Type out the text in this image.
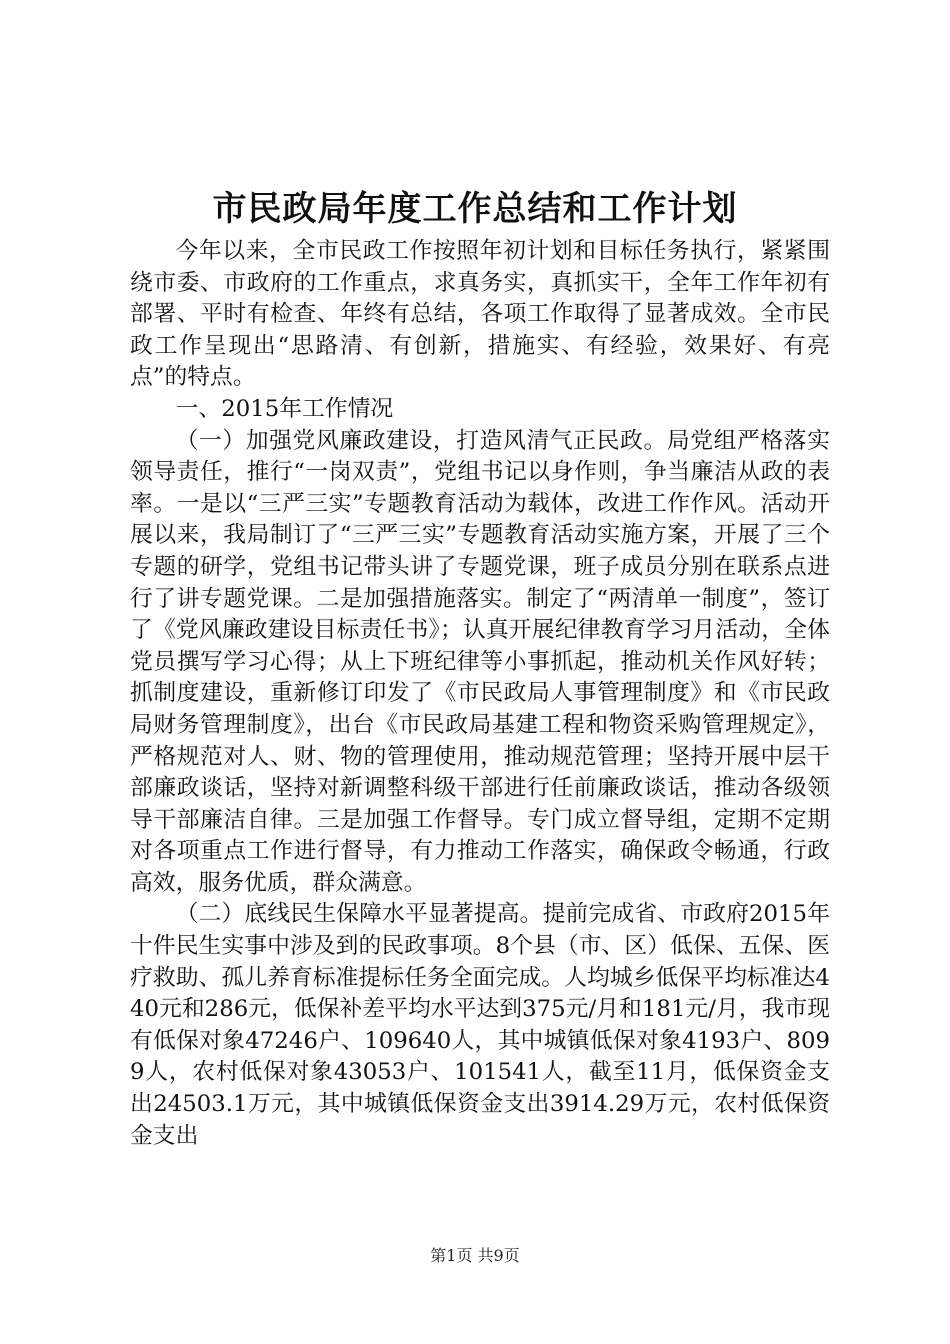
市民政局年度工作总结和工作计划

今年以来，全市民政工作按照年初计划和目标任务执行，紧紧围绕市委、市政府的工作重点，求真务实，真抓实干，全年工作年初有部署、平时有检查、年终有总结，各项工作取得了显著成效。全市民政工作呈现出“思路清、有创新，措施实、有经验，效果好、有亮点”的特点。

一、2015年工作情况

（一）加强党风廉政建设，打造风清气正民政。局党组严格落实领导责任，推行“一岗双责”，党组书记以身作则，争当廉洁从政的表率。一是以“三严三实”专题教育活动为载体，改进工作作风。活动开展以来，我局制订了“三严三实”专题教育活动实施方案，开展了三个专题的研学，党组书记带头讲了专题党课，班子成员分别在联系点进行了讲专题党课。二是加强措施落实。制定了“两清单一制度”，签订了《党风廉政建设目标责任书》；认真开展纪律教育学习月活动，全体党员撰写学习心得；从上下班纪律等小事抓起，推动机关作风好转；抓制度建设，重新修订印发了《市民政局人事管理制度》和《市民政局财务管理制度》，出台《市民政局基建工程和物资采购管理规定》，严格规范对人、财、物的管理使用，推动规范管理；坚持开展中层干部廉政谈话，坚持对新调整科级干部进行任前廉政谈话，推动各级领导干部廉洁自律。三是加强工作督导。专门成立督导组，定期不定期对各项重点工作进行督导，有力推动工作落实，确保政令畅通，行政高效，服务优质，群众满意。

（二）底线民生保障水平显著提高。提前完成省、市政府2015年十件民生实事中涉及到的民政事项。8个县（市、区）低保、五保、医疗救助、孤儿养育标准提标任务全面完成。人均城乡低保平均标准达440元和286元，低保补差平均水平达到375元/月和181元/月，我市现有低保对象47246户、109640人，其中城镇低保对象4193户、8099人，农村低保对象43053户、101541人，截至11月，低保资金支出24503.1万元，其中城镇低保资金支出3914.29万元，农村低保资金支出

第1页 共9页
